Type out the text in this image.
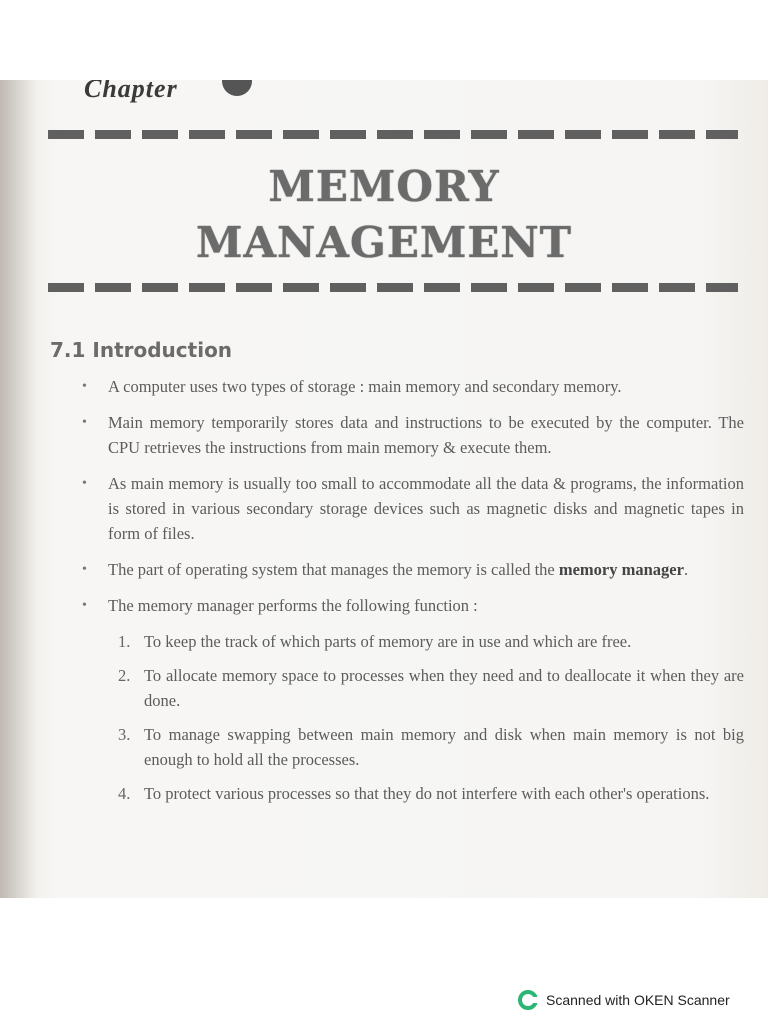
Chapter
MEMORY
MANAGEMENT
7.1 Introduction
• A computer uses two types of storage : main memory and secondary memory.
• Main memory temporarily stores data and instructions to be executed by the computer. The CPU retrieves the instructions from main memory & execute them.
• As main memory is usually too small to accommodate all the data & programs, the information is stored in various secondary storage devices such as magnetic disks and magnetic tapes in form of files.
• The part of operating system that manages the memory is called the memory manager.
• The memory manager performs the following function :
1. To keep the track of which parts of memory are in use and which are free.
2. To allocate memory space to processes when they need and to deallocate it when they are done.
3. To manage swapping between main memory and disk when main memory is not big enough to hold all the processes.
4. To protect various processes so that they do not interfere with each other's operations.
Scanned with OKEN Scanner
